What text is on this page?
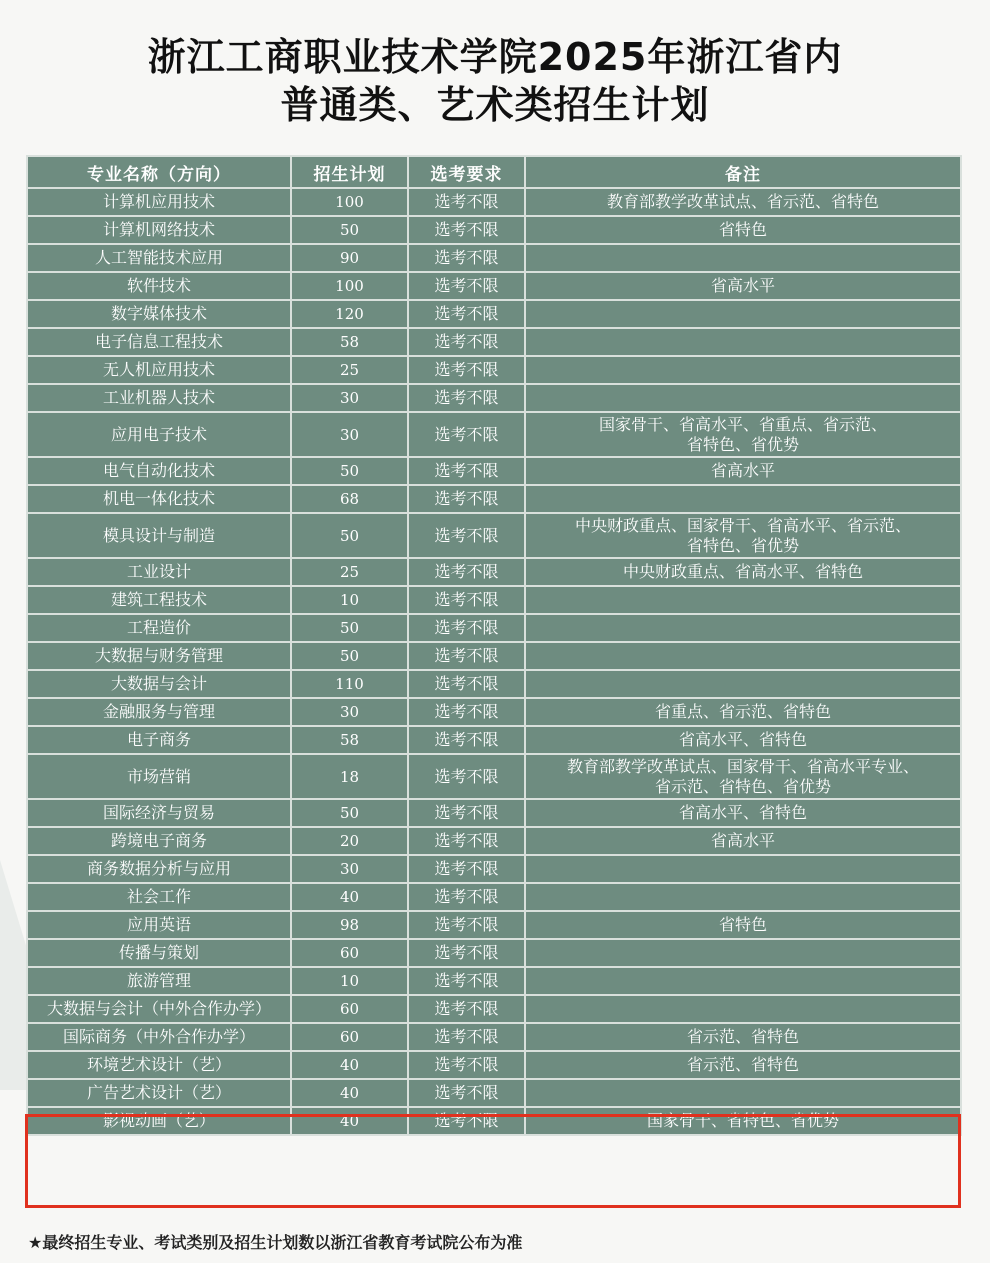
浙江工商职业技术学院2025年浙江省内
普通类、艺术类招生计划
专业名称（方向）	招生计划	选考要求	备注
计算机应用技术	100	选考不限	教育部教学改革试点、省示范、省特色

计算机网络技术	50	选考不限	省特色

人工智能技术应用	90	选考不限	

软件技术	100	选考不限	省高水平

数字媒体技术	120	选考不限	

电子信息工程技术	58	选考不限	

无人机应用技术	25	选考不限	

工业机器人技术	30	选考不限	

应用电子技术	30	选考不限	国家骨干、省高水平、省重点、省示范、
省特色、省优势

电气自动化技术	50	选考不限	省高水平

机电一体化技术	68	选考不限	

模具设计与制造	50	选考不限	中央财政重点、国家骨干、省高水平、省示范、
省特色、省优势

工业设计	25	选考不限	中央财政重点、省高水平、省特色

建筑工程技术	10	选考不限	

工程造价	50	选考不限	

大数据与财务管理	50	选考不限	

大数据与会计	110	选考不限	

金融服务与管理	30	选考不限	省重点、省示范、省特色

电子商务	58	选考不限	省高水平、省特色

市场营销	18	选考不限	教育部教学改革试点、国家骨干、省高水平专业、
省示范、省特色、省优势

国际经济与贸易	50	选考不限	省高水平、省特色

跨境电子商务	20	选考不限	省高水平

商务数据分析与应用	30	选考不限	

社会工作	40	选考不限	

应用英语	98	选考不限	省特色

传播与策划	60	选考不限	

旅游管理	10	选考不限	

大数据与会计（中外合作办学）	60	选考不限	

国际商务（中外合作办学）	60	选考不限	省示范、省特色

环境艺术设计（艺）	40	选考不限	省示范、省特色

广告艺术设计（艺）	40	选考不限	

影视动画（艺）	40	选考不限	国家骨干、省特色、省优势
★最终招生专业、考试类别及招生计划数以浙江省教育考试院公布为准
